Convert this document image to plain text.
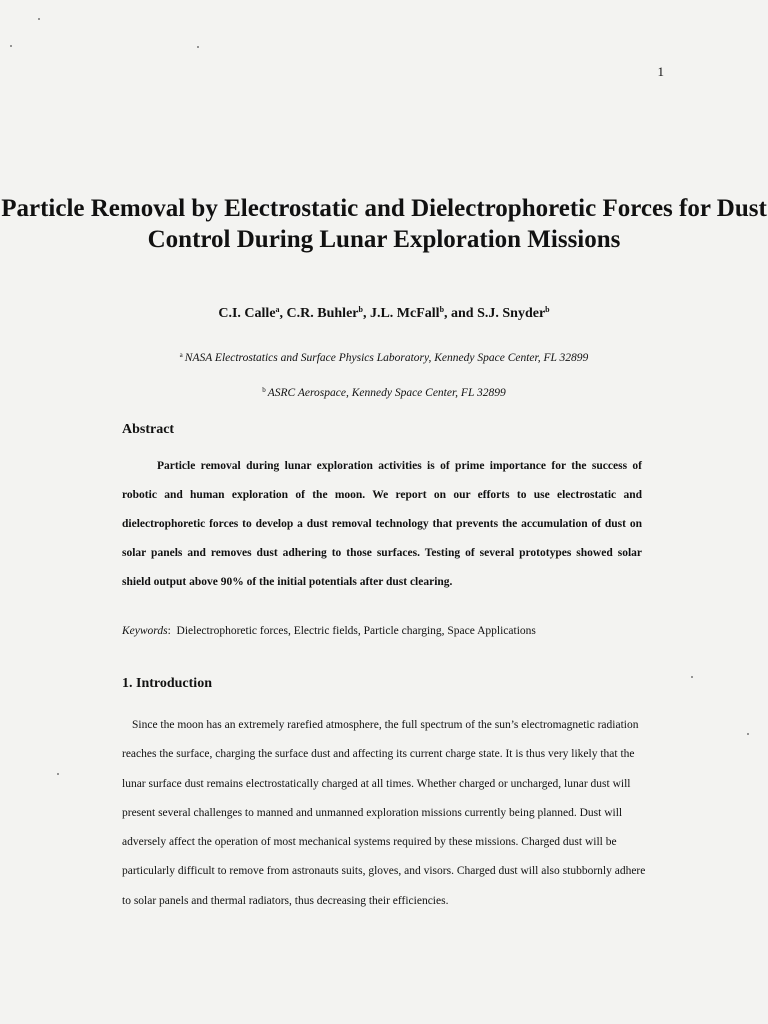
1
Particle Removal by Electrostatic and Dielectrophoretic Forces for Dust Control During Lunar Exploration Missions
C.I. Calle$^a$, C.R. Buhler$^b$, J.L. McFall$^b$, and S.J. Snyder$^b$
$^a$ NASA Electrostatics and Surface Physics Laboratory, Kennedy Space Center, FL 32899
$^b$ ASRC Aerospace, Kennedy Space Center, FL 32899
Abstract

Particle removal during lunar exploration activities is of prime importance for the success of robotic and human exploration of the moon. We report on our efforts to use electrostatic and dielectrophoretic forces to develop a dust removal technology that prevents the accumulation of dust on solar panels and removes dust adhering to those surfaces. Testing of several prototypes showed solar shield output above 90% of the initial potentials after dust clearing.

Keywords: Dielectrophoretic forces, Electric fields, Particle charging, Space Applications
1. Introduction

Since the moon has an extremely rarefied atmosphere, the full spectrum of the sun’s electromagnetic radiation reaches the surface, charging the surface dust and affecting its current charge state. It is thus very likely that the lunar surface dust remains electrostatically charged at all times. Whether charged or uncharged, lunar dust will present several challenges to manned and unmanned exploration missions currently being planned. Dust will adversely affect the operation of most mechanical systems required by these missions. Charged dust will be particularly difficult to remove from astronauts suits, gloves, and visors. Charged dust will also stubbornly adhere to solar panels and thermal radiators, thus decreasing their efficiencies.
